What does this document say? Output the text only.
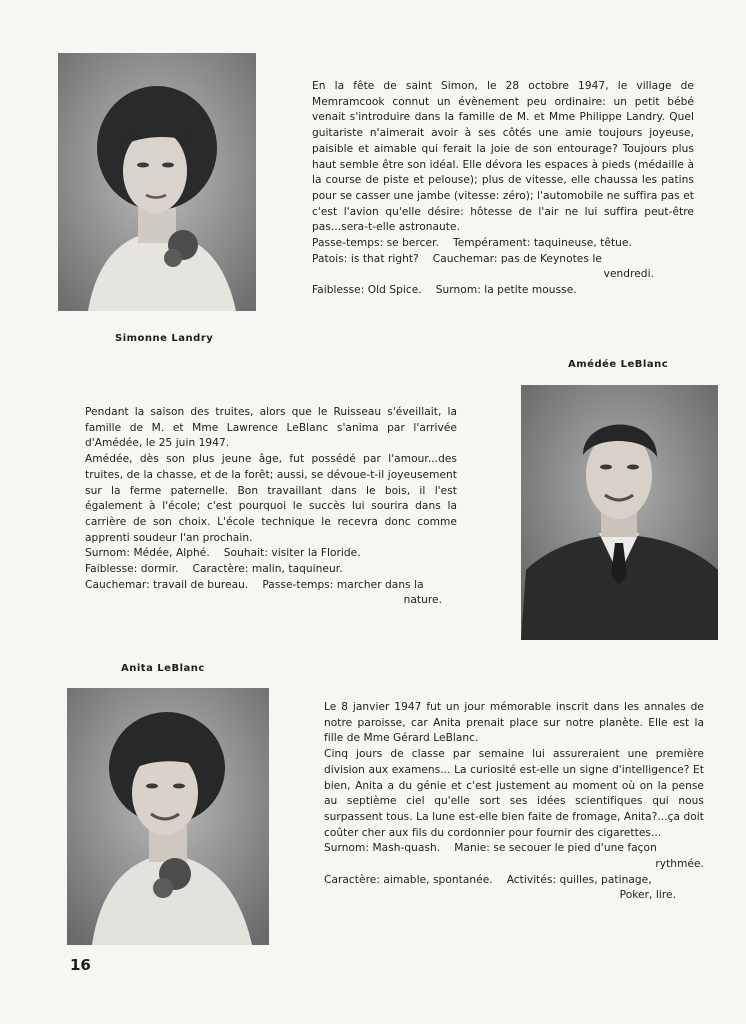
Simonne Landry
En la fête de saint Simon, le 28 octobre 1947, le village de Memramcook connut un évènement peu ordinaire: un petit bébé venait s'introduire dans la famille de M. et Mme Philippe Landry. Quel guitariste n'aimerait avoir à ses côtés une amie toujours joyeuse, paisible et aimable qui ferait la joie de son entourage? Toujours plus haut semble être son idéal. Elle dévora les espaces à pieds (médaille à la course de piste et pelouse); plus de vitesse, elle chaussa les patins pour se casser une jambe (vitesse: zéro); l'automobile ne suffira pas et c'est l'avion qu'elle désire: hôtesse de l'air ne lui suffira peut-être pas...sera-t-elle astronaute.
Passe-temps: se bercer. Tempérament: taquineuse, têtue.
Patois: is that right? Cauchemar: pas de Keynotes le
vendredi.
Faiblesse: Old Spice. Surnom: la petite mousse.
Amédée LeBlanc
Pendant la saison des truites, alors que le Ruisseau s'éveillait, la famille de M. et Mme Lawrence LeBlanc s'anima par l'arrivée d'Amédée, le 25 juin 1947.
Amédée, dès son plus jeune âge, fut possédé par l'amour...des truites, de la chasse, et de la forêt; aussi, se dévoue-t-il joyeusement sur la ferme paternelle. Bon travaillant dans le bois, il l'est également à l'école; c'est pourquoi le succès lui sourira dans la carrière de son choix. L'école technique le recevra donc comme apprenti soudeur l'an prochain.
Surnom: Médée, Alphé. Souhait: visiter la Floride.
Faiblesse: dormir. Caractère: malin, taquineur.
Cauchemar: travail de bureau. Passe-temps: marcher dans la
nature.
Anita LeBlanc
Le 8 janvier 1947 fut un jour mémorable inscrit dans les annales de notre paroisse, car Anita prenait place sur notre planète. Elle est la fille de Mme Gérard LeBlanc.
Cinq jours de classe par semaine lui assureraient une première division aux examens... La curiosité est-elle un signe d'intelligence? Et bien, Anita a du génie et c'est justement au moment où on la pense au septième ciel qu'elle sort ses idées scientifiques qui nous surpassent tous. La lune est-elle bien faite de fromage, Anita?...ça doit coûter cher aux fils du cordonnier pour fournir des cigarettes...
Surnom: Mash-quash. Manie: se secouer le pied d'une façon
rythmée.
Caractère: aimable, spontanée. Activités: quilles, patinage,
Poker, lire.
16
